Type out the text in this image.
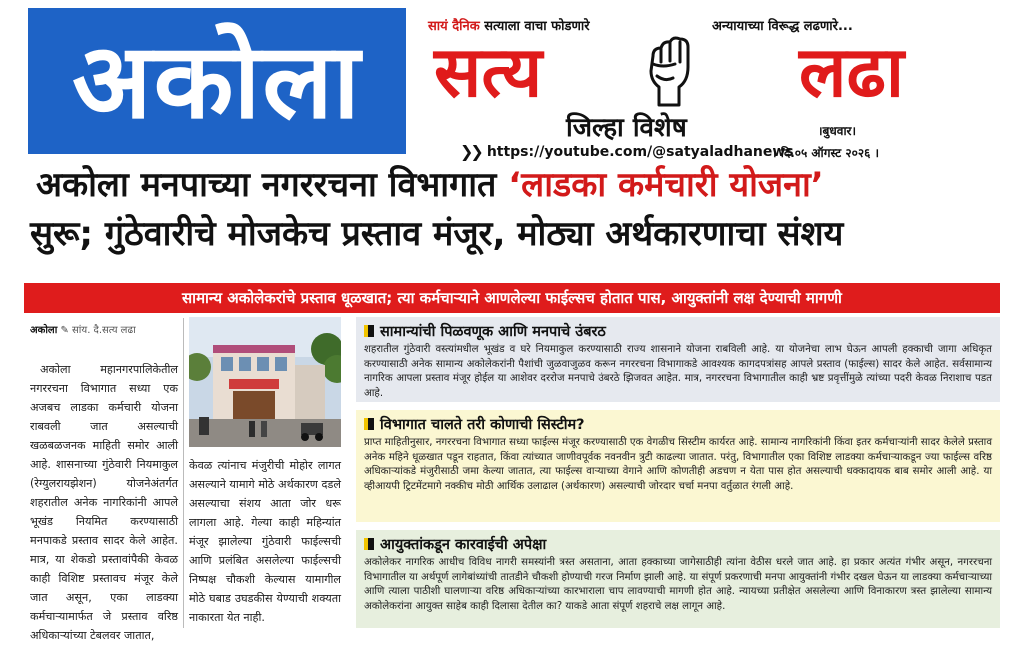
अकोला	सायं दैनिक सत्याला वाचा फोडणारे	अन्यायाच्या विरूद्ध लढणारे...
सत्य	लढा
जिल्हा विशेष	।बुधवार।
❯❯ https://youtube.com/@satyaladhanews
। दि.०५ ऑगस्ट २०२६ ।
अकोला मनपाच्या नगररचना विभागात ‘लाडका कर्मचारी योजना’
सुरू; गुंठेवारीचे मोजकेच प्रस्ताव मंजूर, मोठ्या अर्थकारणाचा संशय
सामान्य अकोलेकरांचे प्रस्ताव धूळखात; त्या कर्मचाऱ्याने आणलेल्या फाईल्सच होतात पास, आयुक्तांनी लक्ष देण्याची मागणी
अकोला ✎ सांय. दै.सत्य लढा

अकोला महानगरपालिकेतील नगररचना विभागात सध्या एक अजबच लाडका कर्मचारी योजना राबवली जात असल्याची खळबळजनक माहिती समोर आली आहे. शासनाच्या गुंठेवारी नियमाकुल (रेग्युलरायझेशन) योजनेअंतर्गत शहरातील अनेक नागरिकांनी आपले भूखंड नियमित करण्यासाठी मनपाकडे प्रस्ताव सादर केले आहेत. मात्र, या शेकडो प्रस्तावांपैकी केवळ काही विशिष्ट प्रस्तावच मंजूर केले जात असून, एका लाडक्या कर्मचाऱ्यामार्फत जे प्रस्ताव वरिष्ठ अधिकाऱ्यांच्या टेबलवर जातात,

केवळ त्यांनाच मंजुरीची मोहोर लागत असल्याने यामागे मोठे अर्थकारण दडले असल्याचा संशय आता जोर धरू लागला आहे. गेल्या काही महिन्यांत मंजूर झालेल्या गुंठेवारी फाईल्सची आणि प्रलंबित असलेल्या फाईल्सची निष्पक्ष चौकशी केल्यास यामागील मोठे घबाड उघडकीस येण्याची शक्यता नाकारता येत नाही.

सामान्यांची पिळवणूक आणि मनपाचे उंबरठ
शहरातील गुंठेवारी वस्त्यांमधील भूखंड व घरे नियमाकुल करण्यासाठी राज्य शासनाने योजना राबविली आहे. या योजनेचा लाभ घेऊन आपली हक्काची जागा अधिकृत करण्यासाठी अनेक सामान्य अकोलेकरांनी पैशांची जुळवाजुळव करून नगररचना विभागाकडे आवश्यक कागदपत्रांसह आपले प्रस्ताव (फाईल्स) सादर केले आहेत. सर्वसामान्य नागरिक आपला प्रस्ताव मंजूर होईल या आशेवर दररोज मनपाचे उंबरठे झिजवत आहेत. मात्र, नगररचना विभागातील काही भ्रष्ट प्रवृत्तींमुळे त्यांच्या पदरी केवळ निराशाच पडत आहे.
विभागात चालते तरी कोणाची सिस्टीम?
प्राप्त माहितीनुसार, नगररचना विभागात सध्या फाईल्स मंजूर करण्यासाठी एक वेगळीच सिस्टीम कार्यरत आहे. सामान्य नागरिकांनी किंवा इतर कर्मचाऱ्यांनी सादर केलेले प्रस्ताव अनेक महिने धूळखात पडून राहतात, किंवा त्यांच्यात जाणीवपूर्वक नवनवीन त्रुटी काढल्या जातात. परंतु, विभागातील एका विशिष्ट लाडक्या कर्मचाऱ्याकडून ज्या फाईल्स वरिष्ठ अधिकाऱ्यांकडे मंजुरीसाठी जमा केल्या जातात, त्या फाईल्स वाऱ्याच्या वेगाने आणि कोणतीही अडचण न येता पास होत असल्याची धक्कादायक बाब समोर आली आहे. या व्हीआयपी ट्रिटमेंटमागे नक्कीच मोठी आर्थिक उलाढाल (अर्थकारण) असल्याची जोरदार चर्चा मनपा वर्तुळात रंगली आहे.
आयुक्तांकडून कारवाईची अपेक्षा
अकोलेकर नागरिक आधीच विविध नागरी समस्यांनी त्रस्त असताना, आता हक्काच्या जागेसाठीही त्यांना वेठीस धरले जात आहे. हा प्रकार अत्यंत गंभीर असून, नगररचना विभागातील या अर्थपूर्ण लागेबांध्यांची तातडीने चौकशी होण्याची गरज निर्माण झाली आहे. या संपूर्ण प्रकरणाची मनपा आयुक्तांनी गंभीर दखल घेऊन या लाडक्या कर्मचाऱ्याच्या आणि त्याला पाठीशी घालणाऱ्या वरिष्ठ अधिकाऱ्यांच्या कारभाराला चाप लावण्याची मागणी होत आहे. न्यायच्या प्रतीक्षेत असलेल्या आणि विनाकारण त्रस्त झालेल्या सामान्य अकोलेकरांना आयुक्त साहेब काही दिलासा देतील का? याकडे आता संपूर्ण शहराचे लक्ष लागून आहे.
